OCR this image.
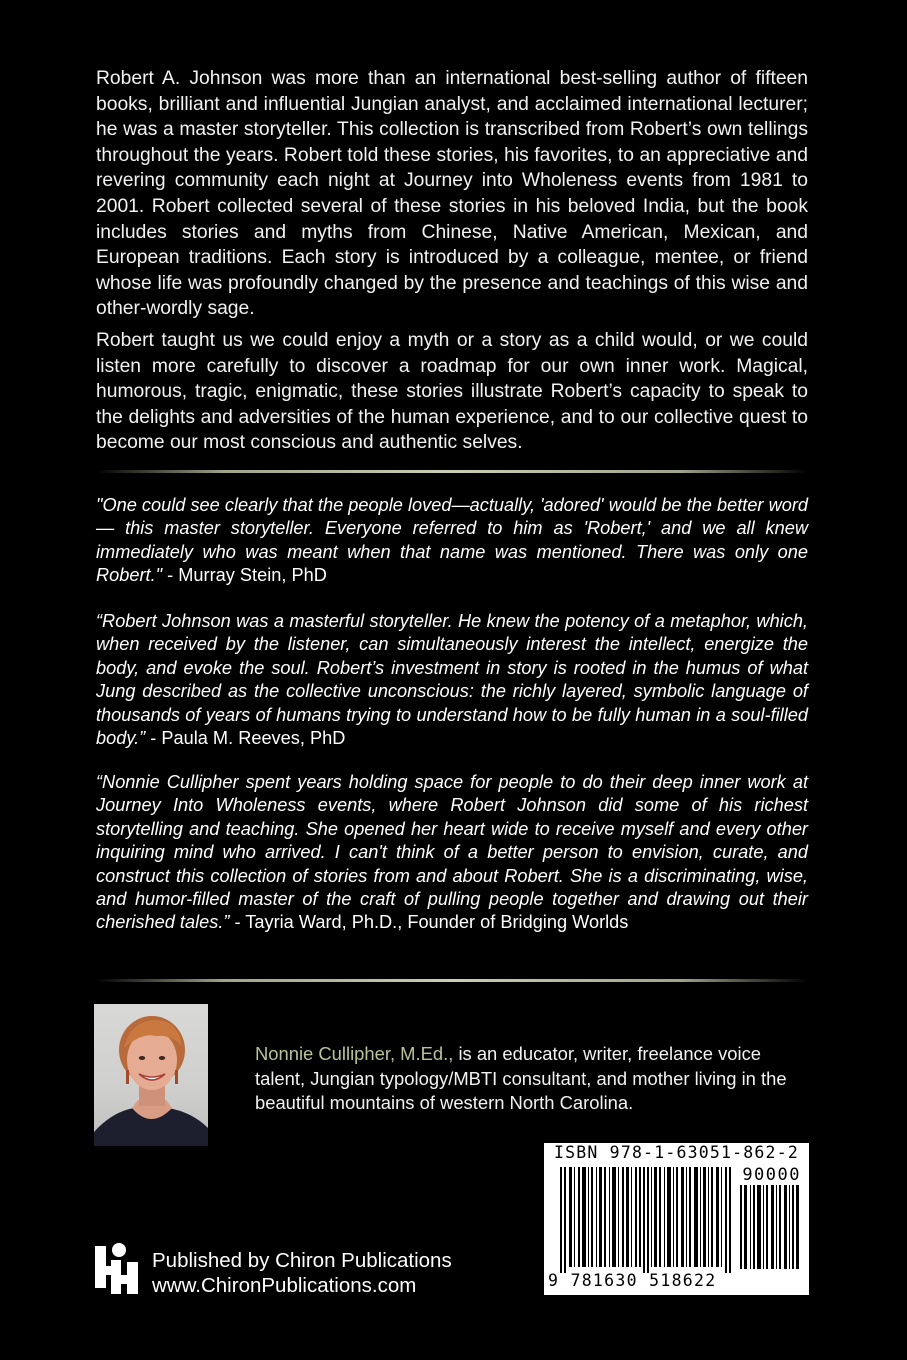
Robert A. Johnson was more than an international best-selling author of fifteen books, brilliant and influential Jungian analyst, and acclaimed international lecturer; he was a master storyteller. This collection is transcribed from Robert’s own tellings throughout the years. Robert told these stories, his favorites, to an appreciative and revering community each night at Journey into Wholeness events from 1981 to 2001. Robert collected several of these stories in his beloved India, but the book includes stories and myths from Chinese, Native American, Mexican, and European traditions. Each story is introduced by a colleague, mentee, or friend whose life was profoundly changed by the presence and teachings of this wise and other-wordly sage.

Robert taught us we could enjoy a myth or a story as a child would, or we could listen more carefully to discover a roadmap for our own inner work. Magical, humorous, tragic, enigmatic, these stories illustrate Robert’s capacity to speak to the delights and adversities of the human experience, and to our collective quest to become our most conscious and authentic selves.

"One could see clearly that the people loved—actually, 'adored' would be the better word — this master storyteller. Everyone referred to him as 'Robert,' and we all knew immediately who was meant when that name was mentioned. There was only one Robert." - Murray Stein, PhD

“Robert Johnson was a masterful storyteller. He knew the potency of a metaphor, which, when received by the listener, can simultaneously interest the intellect, energize the body, and evoke the soul. Robert’s investment in story is rooted in the humus of what Jung described as the collective unconscious: the richly layered, symbolic language of thousands of years of humans trying to understand how to be fully human in a soul-filled body.” - Paula M. Reeves, PhD

“Nonnie Cullipher spent years holding space for people to do their deep inner work at Journey Into Wholeness events, where Robert Johnson did some of his richest storytelling and teaching. She opened her heart wide to receive myself and every other inquiring mind who arrived. I can't think of a better person to envision, curate, and construct this collection of stories from and about Robert. She is a discriminating, wise, and humor-filled master of the craft of pulling people together and drawing out their cherished tales.” - Tayria Ward, Ph.D., Founder of Bridging Worlds

Nonnie Cullipher, M.Ed., is an educator, writer, freelance voice talent, Jungian typology/MBTI consultant, and mother living in the beautiful mountains of western North Carolina.

ISBN 978-1-63051-862-2
90000
9 781630 518622
Published by Chiron Publications
www.ChironPublications.com
